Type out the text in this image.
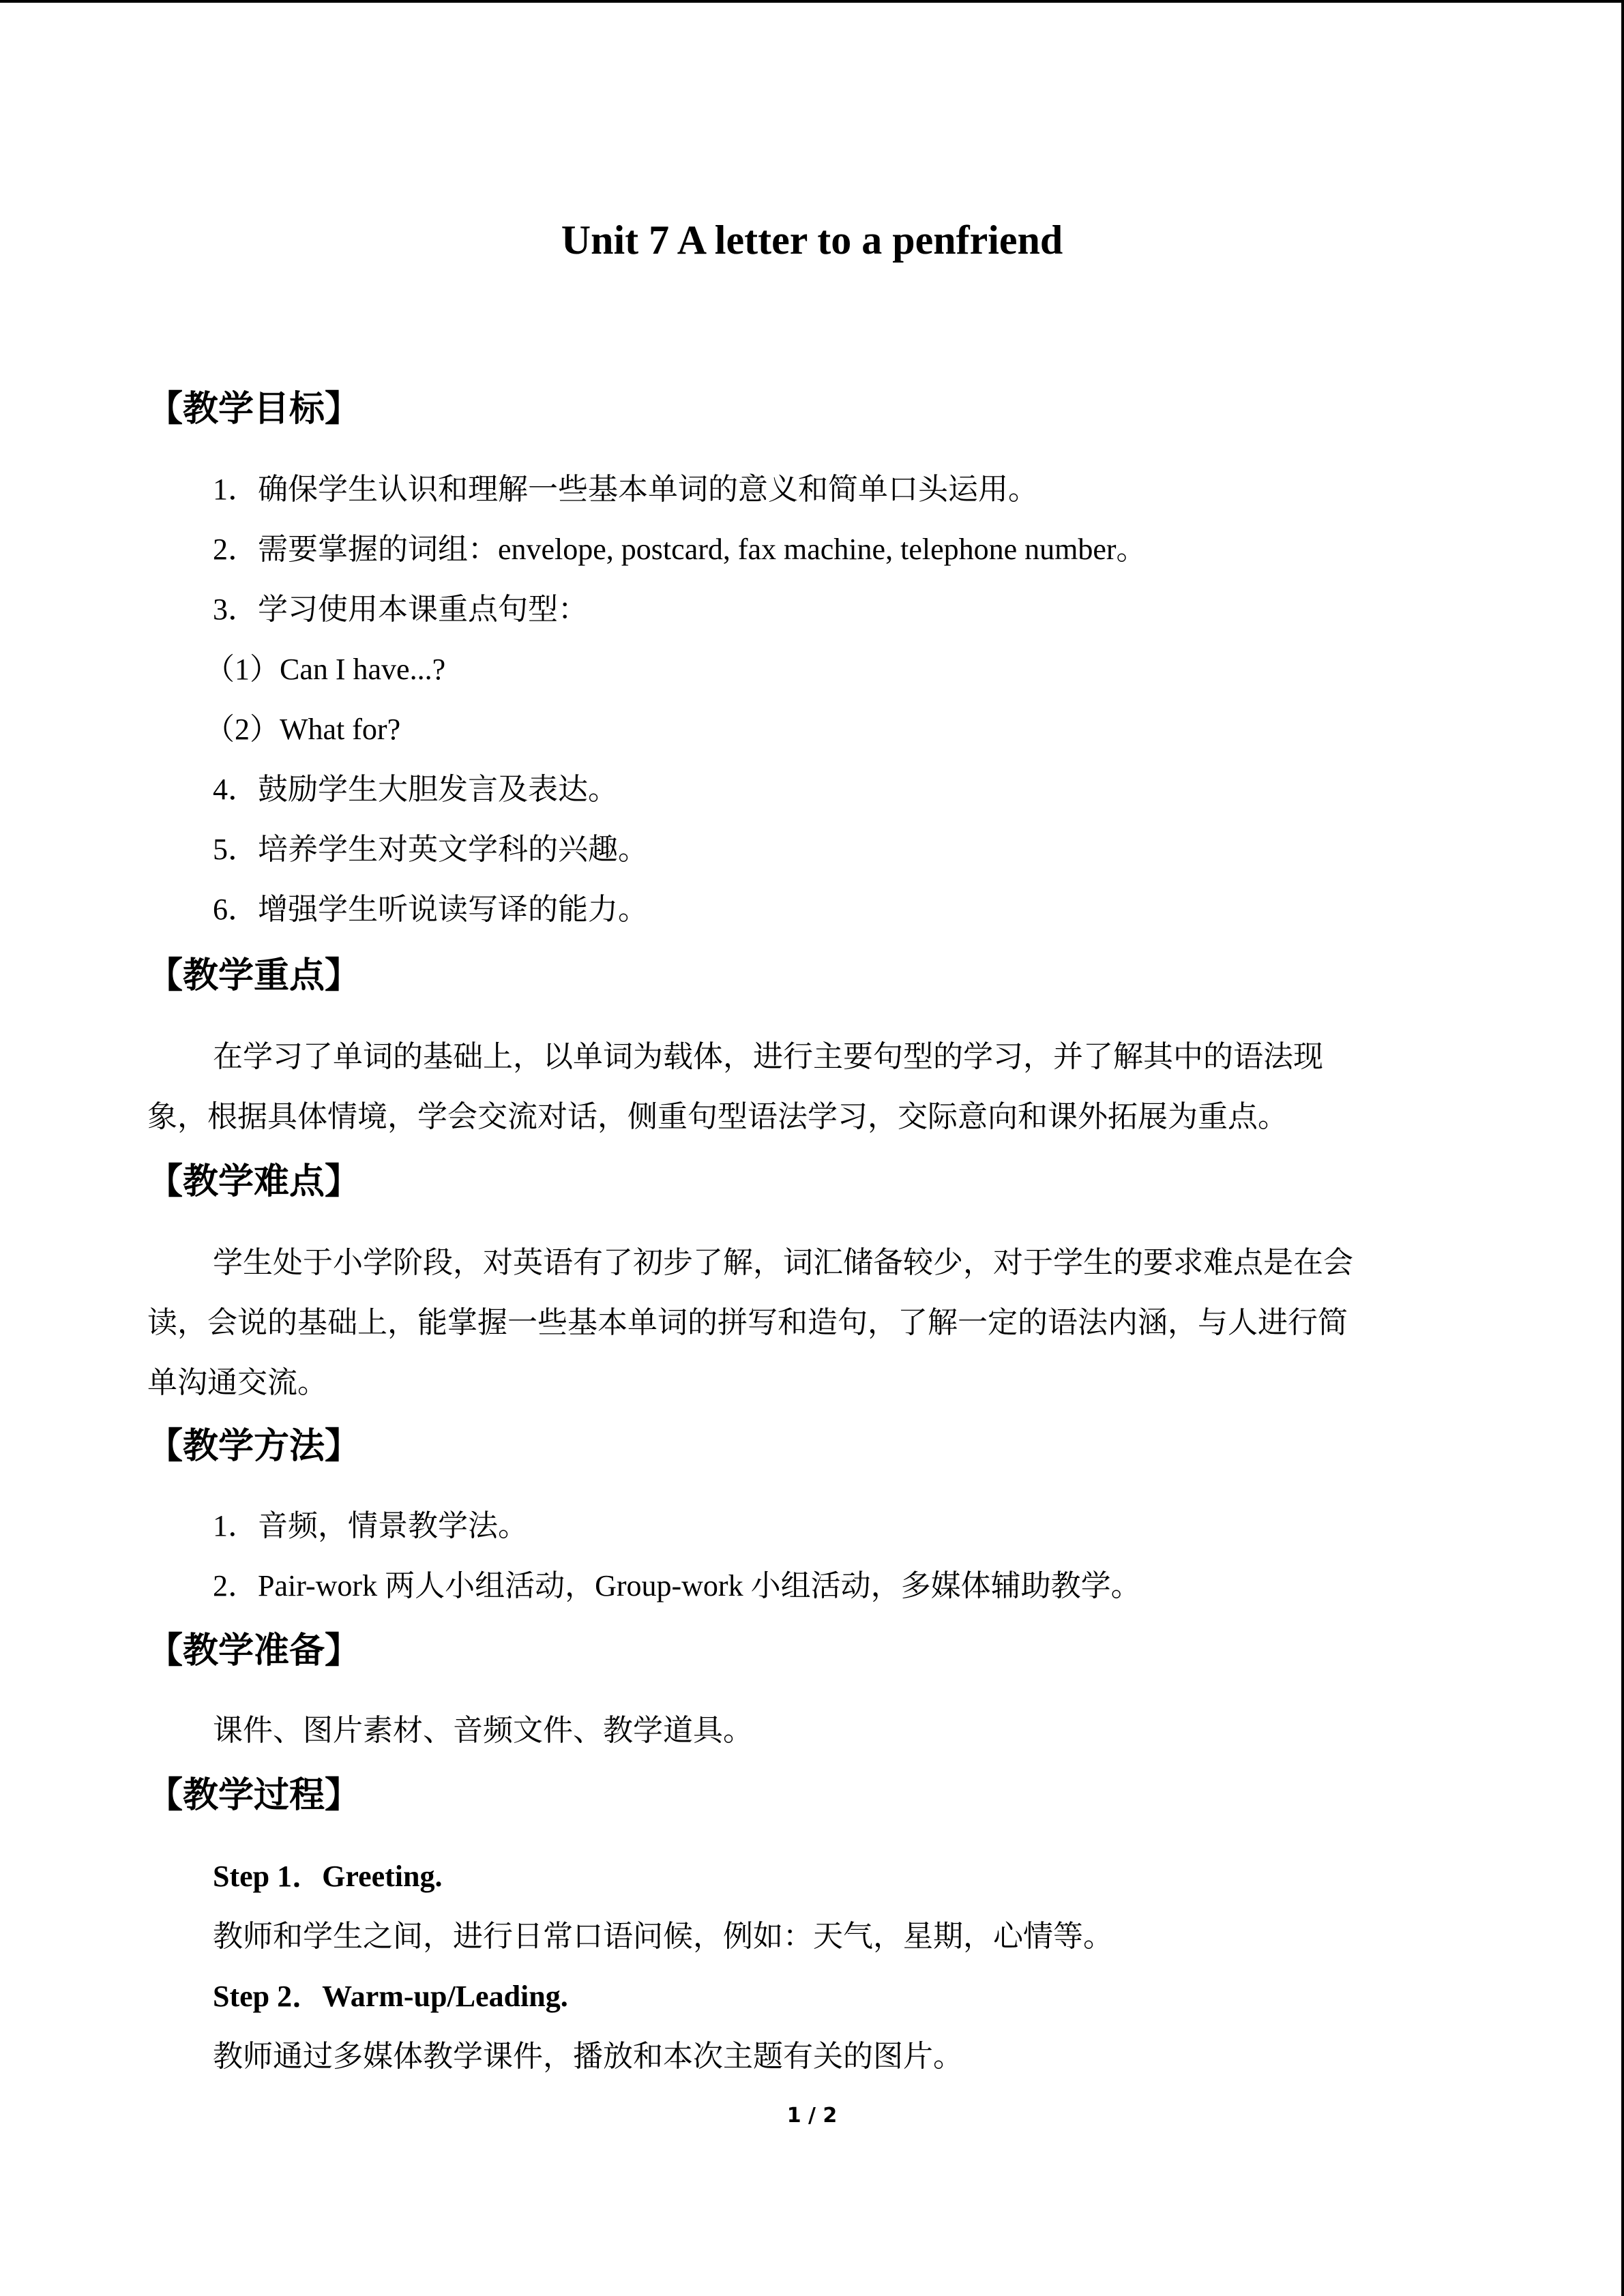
Unit 7 A letter to a penfriend
【教学目标】
1．确保学生认识和理解一些基本单词的意义和简单口头运用。
2．需要掌握的词组：envelope, postcard, fax machine, telephone number。
3．学习使用本课重点句型：
（1）Can I have...?
（2）What for?
4．鼓励学生大胆发言及表达。
5．培养学生对英文学科的兴趣。
6．增强学生听说读写译的能力。
【教学重点】
在学习了单词的基础上，以单词为载体，进行主要句型的学习，并了解其中的语法现
象，根据具体情境，学会交流对话，侧重句型语法学习，交际意向和课外拓展为重点。
【教学难点】
学生处于小学阶段，对英语有了初步了解，词汇储备较少，对于学生的要求难点是在会
读，会说的基础上，能掌握一些基本单词的拼写和造句，了解一定的语法内涵，与人进行简
单沟通交流。
【教学方法】
1．音频，情景教学法。
2．Pair-work 两人小组活动，Group-work 小组活动，多媒体辅助教学。
【教学准备】
课件、图片素材、音频文件、教学道具。
【教学过程】
Step 1．Greeting.
教师和学生之间，进行日常口语问候，例如：天气，星期，心情等。
Step 2．Warm-up/Leading.
教师通过多媒体教学课件，播放和本次主题有关的图片。
1 / 2
